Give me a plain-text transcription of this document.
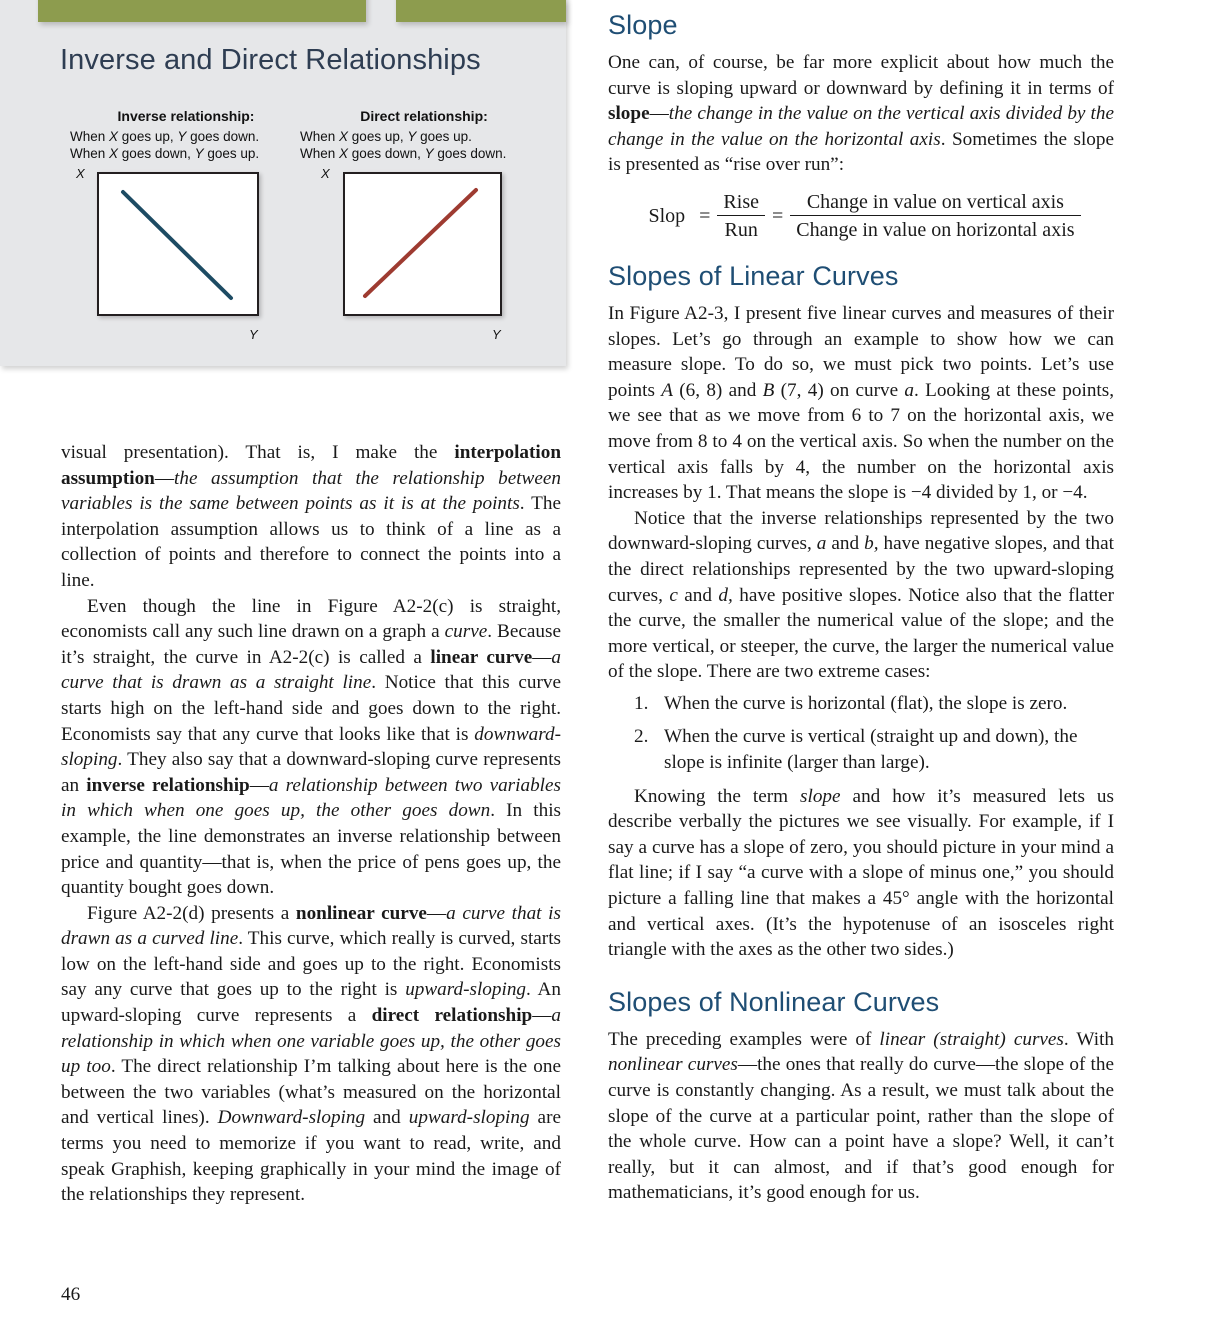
Inverse and Direct Relationships
Inverse relationship:
When X goes up, Y goes down.
When X goes down, Y goes up.
Direct relationship:
When X goes up, Y goes up.
When X goes down, Y goes down.
X
Y
X
Y

visual presentation). That is, I make the interpolation assumption—the assumption that the relationship between variables is the same between points as it is at the points. The interpolation assumption allows us to think of a line as a collection of points and therefore to connect the points into a line.

Even though the line in Figure A2-2(c) is straight, economists call any such line drawn on a graph a curve. Because it’s straight, the curve in A2-2(c) is called a linear curve—a curve that is drawn as a straight line. Notice that this curve starts high on the left-hand side and goes down to the right. Economists say that any curve that looks like that is downward-sloping. They also say that a downward-sloping curve represents an inverse relationship—a relationship between two variables in which when one goes up, the other goes down. In this example, the line demonstrates an inverse relationship between price and quantity—that is, when the price of pens goes up, the quantity bought goes down.

Figure A2-2(d) presents a nonlinear curve—a curve that is drawn as a curved line. This curve, which really is curved, starts low on the left-hand side and goes up to the right. Economists say any curve that goes up to the right is upward-sloping. An upward-sloping curve represents a direct relationship—a relationship in which when one variable goes up, the other goes up too. The direct relationship I’m talking about here is the one between the two variables (what’s measured on the horizontal and vertical lines). Downward-sloping and upward-sloping are terms you need to memorize if you want to read, write, and speak Graphish, keeping graphically in your mind the image of the relationships they represent.

46
Slope

One can, of course, be far more explicit about how much the curve is sloping upward or downward by defining it in terms of slope—the change in the value on the vertical axis divided by the change in the value on the horizontal axis. Sometimes the slope is presented as “rise over run”:

Slop = $\frac{\text{Rise}}{\text{Run}} = \frac{\text{Change in value on vertical axis}}{\text{Change in value on horizontal axis}}$
Slopes of Linear Curves

In Figure A2-3, I present five linear curves and measures of their slopes. Let’s go through an example to show how we can measure slope. To do so, we must pick two points. Let’s use points A (6, 8) and B (7, 4) on curve a. Looking at these points, we see that as we move from 6 to 7 on the horizontal axis, we move from 8 to 4 on the vertical axis. So when the number on the vertical axis falls by 4, the number on the horizontal axis increases by 1. That means the slope is −4 divided by 1, or −4.

Notice that the inverse relationships represented by the two downward-sloping curves, a and b, have negative slopes, and that the direct relationships represented by the two upward-sloping curves, c and d, have positive slopes. Notice also that the flatter the curve, the smaller the numerical value of the slope; and the more vertical, or steeper, the curve, the larger the numerical value of the slope. There are two extreme cases:

1. When the curve is horizontal (flat), the slope is zero.
2. When the curve is vertical (straight up and down), the slope is infinite (larger than large).

Knowing the term slope and how it’s measured lets us describe verbally the pictures we see visually. For example, if I say a curve has a slope of zero, you should picture in your mind a flat line; if I say “a curve with a slope of minus one,” you should picture a falling line that makes a 45° angle with the horizontal and vertical axes. (It’s the hypotenuse of an isosceles right triangle with the axes as the other two sides.)

Slopes of Nonlinear Curves

The preceding examples were of linear (straight) curves. With nonlinear curves—the ones that really do curve—the slope of the curve is constantly changing. As a result, we must talk about the slope of the curve at a particular point, rather than the slope of the whole curve. How can a point have a slope? Well, it can’t really, but it can almost, and if that’s good enough for mathematicians, it’s good enough for us.
